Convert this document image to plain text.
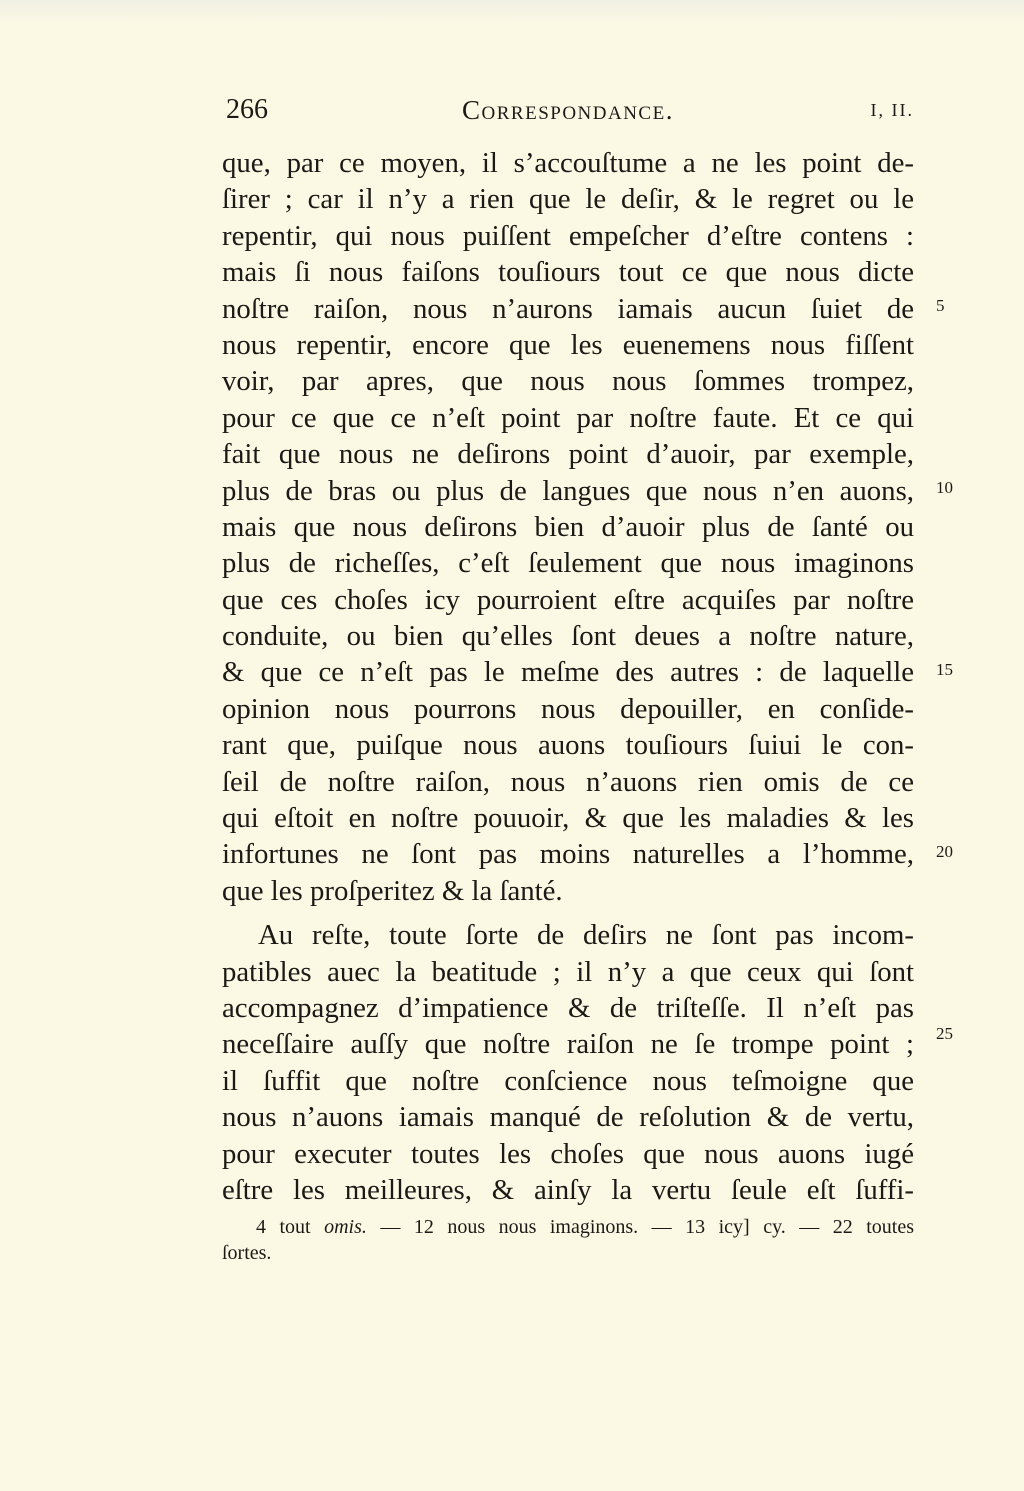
266	Correspondance.	I, II.
que, par ce moyen, il s’accouſtume a ne les point de-
ſirer ; car il n’y a rien que le deſir, & le regret ou le
repentir, qui nous puiſſent empeſcher d’eſtre contens :
mais ſi nous faiſons touſiours tout ce que nous dicte
noſtre raiſon, nous n’aurons iamais aucun ſuiet de
nous repentir, encore que les euenemens nous fiſſent
voir, par apres, que nous nous ſommes trompez,
pour ce que ce n’eſt point par noſtre faute. Et ce qui
fait que nous ne deſirons point d’auoir, par exemple,
plus de bras ou plus de langues que nous n’en auons,
mais que nous deſirons bien d’auoir plus de ſanté ou
plus de richeſſes, c’eſt ſeulement que nous imaginons
que ces choſes icy pourroient eſtre acquiſes par noſtre
conduite, ou bien qu’elles ſont deues a noſtre nature,
& que ce n’eſt pas le meſme des autres : de laquelle
opinion nous pourrons nous depouiller, en conſide-
rant que, puiſque nous auons touſiours ſuiui le con-
ſeil de noſtre raiſon, nous n’auons rien omis de ce
qui eſtoit en noſtre pouuoir, & que les maladies & les
infortunes ne ſont pas moins naturelles a l’homme,
que les proſperitez & la ſanté.
Au reſte, toute ſorte de deſirs ne ſont pas incom-
patibles auec la beatitude ; il n’y a que ceux qui ſont
accompagnez d’impatience & de triſteſſe. Il n’eſt pas
neceſſaire auſſy que noſtre raiſon ne ſe trompe point ;
il ſuffit que noſtre conſcience nous teſmoigne que
nous n’auons iamais manqué de reſolution & de vertu,
pour executer toutes les choſes que nous auons iugé
eſtre les meilleures, & ainſy la vertu ſeule eſt ſuffi-
5
10
15
20
25
4 tout omis. — 12 nous nous imaginons. — 13 icy] cy. — 22 toutes
ſortes.
